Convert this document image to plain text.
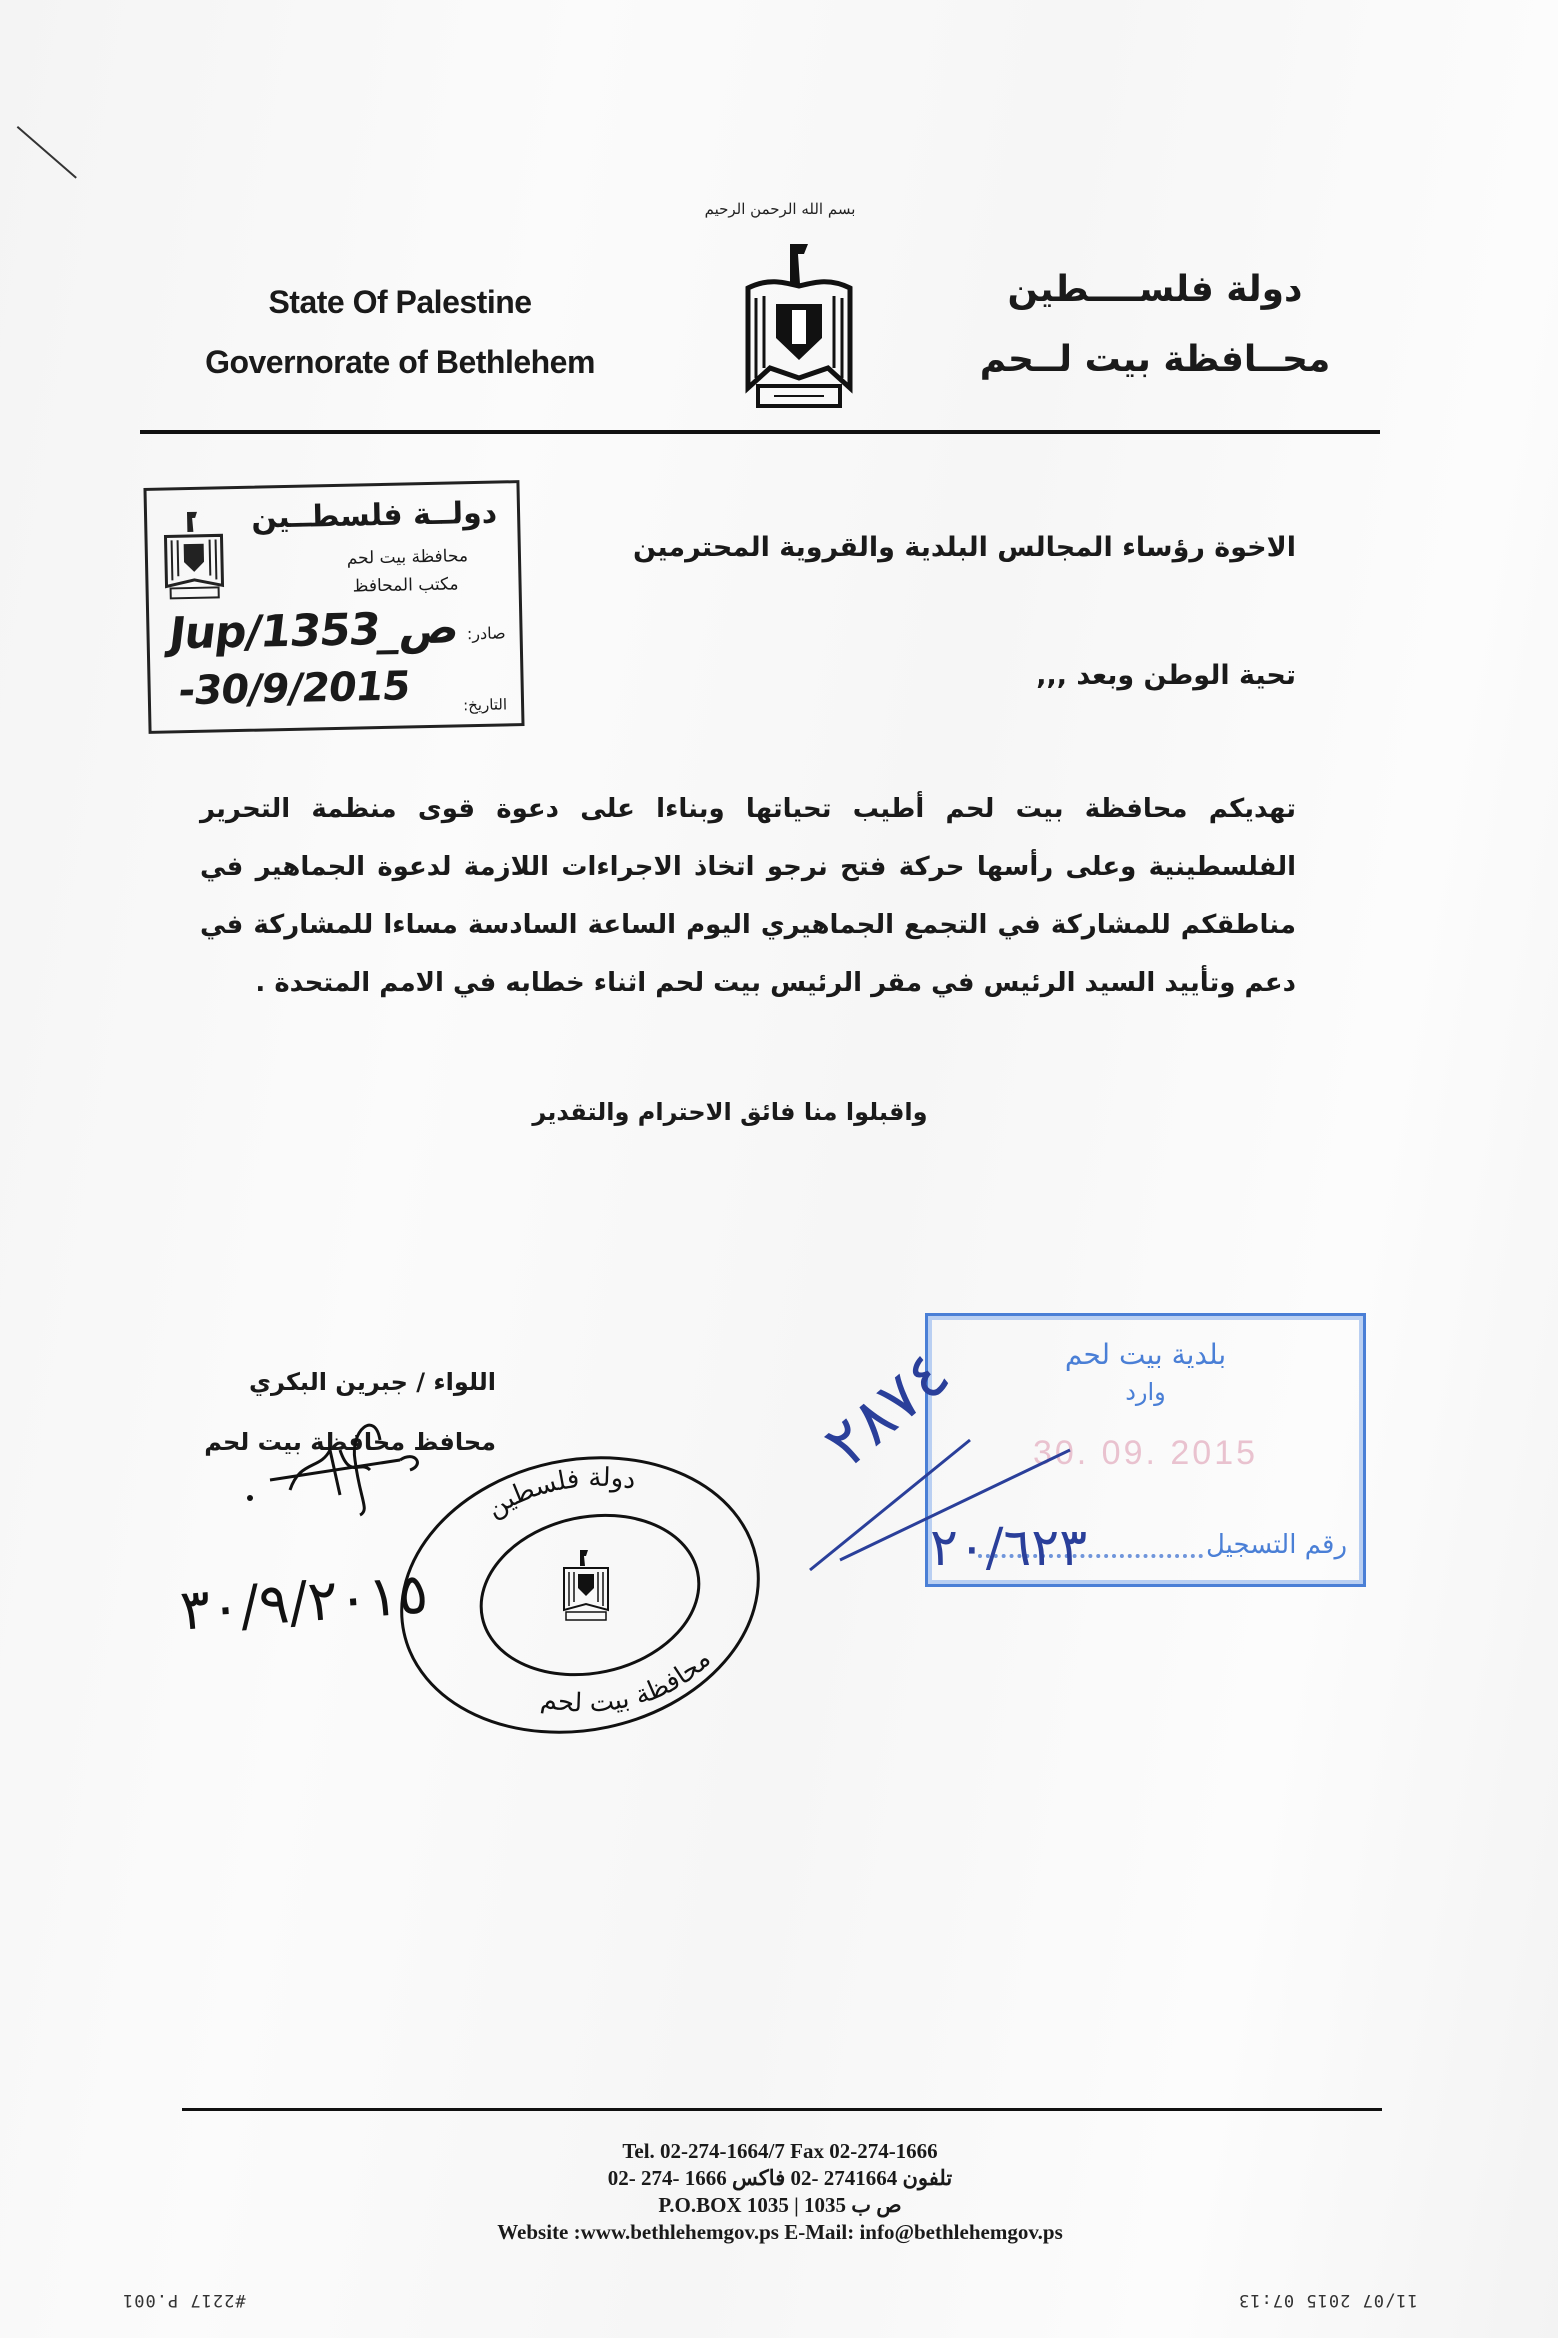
بسم الله الرحمن الرحيم
State Of Palestine
Governorate of Bethlehem
دولة فلســــطين
محــافظة بيت لــحم
دولــة فلسطــين
محافظة بيت لحم
مكتب المحافظ
Jup/1353_ص صادر:
-30/9/2015	التاريخ:
الاخوة رؤساء المجالس البلدية والقروية المحترمين
تحية الوطن وبعد ,,,
تهديكم محافظة بيت لحم أطيب تحياتها وبناءا على دعوة قوى منظمة التحرير الفلسطينية وعلى رأسها حركة فتح نرجو اتخاذ الاجراءات اللازمة لدعوة الجماهير في مناطقكم للمشاركة في التجمع الجماهيري اليوم الساعة السادسة مساءا للمشاركة في دعم وتأييد السيد الرئيس في مقر الرئيس بيت لحم اثناء خطابه في الامم المتحدة .
واقبلوا منا فائق الاحترام والتقدير
اللواء / جبرين البكري
محافظ محافظة بيت لحم
٣٠/٩/٢٠١٥
دولة فلسطين
محافظة بيت لحم
بلدية بيت لحم
وارد
30. 09. 2015
رقم التسجيل
٢٨٧٤
٢٠/٦٢٣
Tel. 02-274-1664/7 Fax 02-274-1666
تلفون 2741664 -02 فاكس 1666 -274 -02
P.O.BOX 1035 | 1035 ص ب
Website :www.bethlehemgov.ps E-Mail: info@bethlehemgov.ps
#2217 P.001	11/07 2015 07:13
